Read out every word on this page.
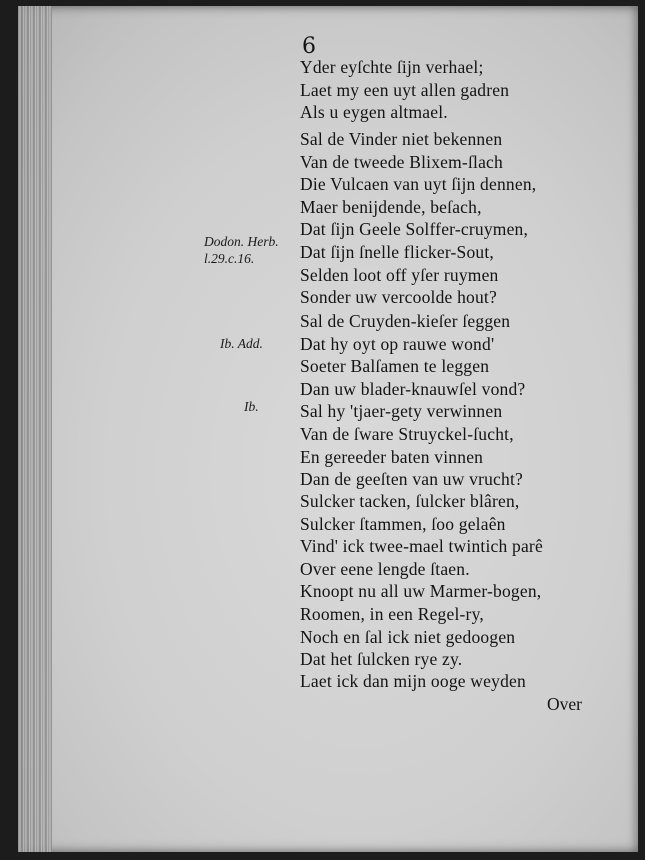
6
Yder eyſchte ſijn verhael;
Laet my een uyt allen gadren
Als u eygen altmael.
Sal de Vinder niet bekennen
Van de tweede Blixem-ſlach
Die Vulcaen van uyt ſijn dennen,
Maer benijdende, beſach,
Dat ſijn Geele Solffer-cruymen,
Dat ſijn ſnelle flicker-Sout,
Selden loot off yſer ruymen
Sonder uw vercoolde hout?
Sal de Cruyden-kieſer ſeggen
Dat hy oyt op rauwe wond'
Soeter Balſamen te leggen
Dan uw blader-knauwſel vond?
Sal hy 'tjaer-gety verwinnen
Van de ſware Struyckel-ſucht,
En gereeder baten vinnen
Dan de geeſten van uw vrucht?
Sulcker tacken, ſulcker blâren,
Sulcker ſtammen, ſoo gelaên
Vind' ick twee-mael twintich parê
Over eene lengde ſtaen.
Knoopt nu all uw Marmer-bogen,
Roomen, in een Regel-ry,
Noch en ſal ick niet gedoogen
Dat het ſulcken rye zy.
Laet ick dan mijn ooge weyden
Dodon. Herb.
l.29.c.16.
Ib. Add.
Ib.
Over
